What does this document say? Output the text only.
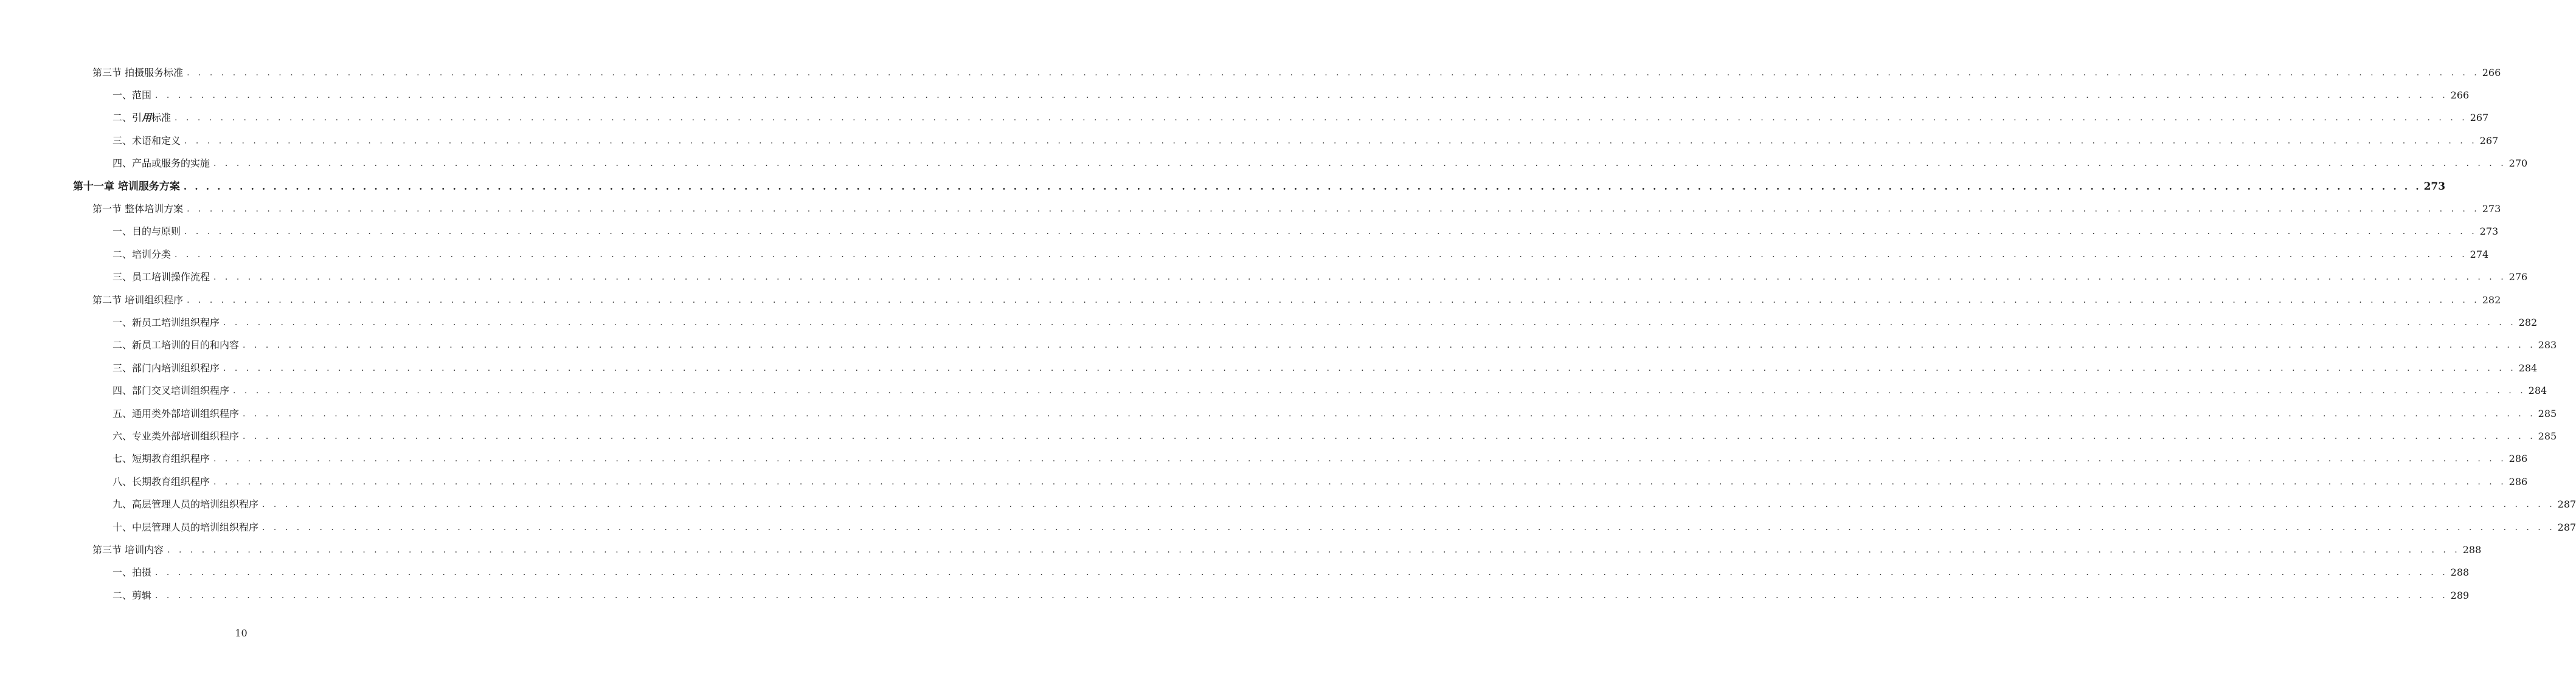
第三节 拍摄服务标准 . . . . . . . . . . . . . . . . . . . . . . . . . . . . . . . . . . . . . . . . . . . . . . . . . . . . . . . . . . . . . . . . . . . . . . . . . . . . . . . . . . . . . . . . . . . . . . . . . . . . . . . . . . . . . . . . . . . . . . . . . . . . . . . . . . . . . . . . . . . . . . . . . . . . . . . . . . . . . . . . . . . . . . . . . . . . . . . . . . . . . . . . . . . . . . . . . . . . . . . . 266
一、范围 . . . . . . . . . . . . . . . . . . . . . . . . . . . . . . . . . . . . . . . . . . . . . . . . . . . . . . . . . . . . . . . . . . . . . . . . . . . . . . . . . . . . . . . . . . . . . . . . . . . . . . . . . . . . . . . . . . . . . . . . . . . . . . . . . . . . . . . . . . . . . . . . . . . . . . . . . . . . . . . . . . . . . . . . . . . . . . . . . . . . . . . . . . . . . . . . . . . . . . . . 266
二、引用标准 . . . . . . . . . . . . . . . . . . . . . . . . . . . . . . . . . . . . . . . . . . . . . . . . . . . . . . . . . . . . . . . . . . . . . . . . . . . . . . . . . . . . . . . . . . . . . . . . . . . . . . . . . . . . . . . . . . . . . . . . . . . . . . . . . . . . . . . . . . . . . . . . . . . . . . . . . . . . . . . . . . . . . . . . . . . . . . . . . . . . . . . . . . . . . . . . . . . . . . . . 267
三、术语和定义 . . . . . . . . . . . . . . . . . . . . . . . . . . . . . . . . . . . . . . . . . . . . . . . . . . . . . . . . . . . . . . . . . . . . . . . . . . . . . . . . . . . . . . . . . . . . . . . . . . . . . . . . . . . . . . . . . . . . . . . . . . . . . . . . . . . . . . . . . . . . . . . . . . . . . . . . . . . . . . . . . . . . . . . . . . . . . . . . . . . . . . . . . . . . . . . . . . . . . . . . 267
四、产品或服务的实施 . . . . . . . . . . . . . . . . . . . . . . . . . . . . . . . . . . . . . . . . . . . . . . . . . . . . . . . . . . . . . . . . . . . . . . . . . . . . . . . . . . . . . . . . . . . . . . . . . . . . . . . . . . . . . . . . . . . . . . . . . . . . . . . . . . . . . . . . . . . . . . . . . . . . . . . . . . . . . . . . . . . . . . . . . . . . . . . . . . . . . . . . . . . . . . . . . . . . . . . . 270
第十一章 培训服务方案 . . . . . . . . . . . . . . . . . . . . . . . . . . . . . . . . . . . . . . . . . . . . . . . . . . . . . . . . . . . . . . . . . . . . . . . . . . . . . . . . . . . . . . . . . . . . . . . . . . . . . . . . . . . . . . . . . . . . . . . . . . . . . . . . . . . . . . . . . . . . . . . . . . . . . . . . . . . . . . . . . . . . . . . . . . . . . . . . . . . . . . . . . . . . . . . . . . . . . . . . 273
第一节 整体培训方案 . . . . . . . . . . . . . . . . . . . . . . . . . . . . . . . . . . . . . . . . . . . . . . . . . . . . . . . . . . . . . . . . . . . . . . . . . . . . . . . . . . . . . . . . . . . . . . . . . . . . . . . . . . . . . . . . . . . . . . . . . . . . . . . . . . . . . . . . . . . . . . . . . . . . . . . . . . . . . . . . . . . . . . . . . . . . . . . . . . . . . . . . . . . . . . . . . . . . . . . . 273
一、目的与原则 . . . . . . . . . . . . . . . . . . . . . . . . . . . . . . . . . . . . . . . . . . . . . . . . . . . . . . . . . . . . . . . . . . . . . . . . . . . . . . . . . . . . . . . . . . . . . . . . . . . . . . . . . . . . . . . . . . . . . . . . . . . . . . . . . . . . . . . . . . . . . . . . . . . . . . . . . . . . . . . . . . . . . . . . . . . . . . . . . . . . . . . . . . . . . . . . . . . . . . . . 273
二、培训分类 . . . . . . . . . . . . . . . . . . . . . . . . . . . . . . . . . . . . . . . . . . . . . . . . . . . . . . . . . . . . . . . . . . . . . . . . . . . . . . . . . . . . . . . . . . . . . . . . . . . . . . . . . . . . . . . . . . . . . . . . . . . . . . . . . . . . . . . . . . . . . . . . . . . . . . . . . . . . . . . . . . . . . . . . . . . . . . . . . . . . . . . . . . . . . . . . . . . . . . . . 274
三、员工培训操作流程 . . . . . . . . . . . . . . . . . . . . . . . . . . . . . . . . . . . . . . . . . . . . . . . . . . . . . . . . . . . . . . . . . . . . . . . . . . . . . . . . . . . . . . . . . . . . . . . . . . . . . . . . . . . . . . . . . . . . . . . . . . . . . . . . . . . . . . . . . . . . . . . . . . . . . . . . . . . . . . . . . . . . . . . . . . . . . . . . . . . . . . . . . . . . . . . . . . . . . . . . 276
第二节 培训组织程序 . . . . . . . . . . . . . . . . . . . . . . . . . . . . . . . . . . . . . . . . . . . . . . . . . . . . . . . . . . . . . . . . . . . . . . . . . . . . . . . . . . . . . . . . . . . . . . . . . . . . . . . . . . . . . . . . . . . . . . . . . . . . . . . . . . . . . . . . . . . . . . . . . . . . . . . . . . . . . . . . . . . . . . . . . . . . . . . . . . . . . . . . . . . . . . . . . . . . . . . . 282
一、新员工培训组织程序 . . . . . . . . . . . . . . . . . . . . . . . . . . . . . . . . . . . . . . . . . . . . . . . . . . . . . . . . . . . . . . . . . . . . . . . . . . . . . . . . . . . . . . . . . . . . . . . . . . . . . . . . . . . . . . . . . . . . . . . . . . . . . . . . . . . . . . . . . . . . . . . . . . . . . . . . . . . . . . . . . . . . . . . . . . . . . . . . . . . . . . . . . . . . . . . . . . . . . . . . 282
二、新员工培训的目的和内容 . . . . . . . . . . . . . . . . . . . . . . . . . . . . . . . . . . . . . . . . . . . . . . . . . . . . . . . . . . . . . . . . . . . . . . . . . . . . . . . . . . . . . . . . . . . . . . . . . . . . . . . . . . . . . . . . . . . . . . . . . . . . . . . . . . . . . . . . . . . . . . . . . . . . . . . . . . . . . . . . . . . . . . . . . . . . . . . . . . . . . . . . . . . . . . . . . . . . . . . . 283
三、部门内培训组织程序 . . . . . . . . . . . . . . . . . . . . . . . . . . . . . . . . . . . . . . . . . . . . . . . . . . . . . . . . . . . . . . . . . . . . . . . . . . . . . . . . . . . . . . . . . . . . . . . . . . . . . . . . . . . . . . . . . . . . . . . . . . . . . . . . . . . . . . . . . . . . . . . . . . . . . . . . . . . . . . . . . . . . . . . . . . . . . . . . . . . . . . . . . . . . . . . . . . . . . . . . 284
四、部门交叉培训组织程序 . . . . . . . . . . . . . . . . . . . . . . . . . . . . . . . . . . . . . . . . . . . . . . . . . . . . . . . . . . . . . . . . . . . . . . . . . . . . . . . . . . . . . . . . . . . . . . . . . . . . . . . . . . . . . . . . . . . . . . . . . . . . . . . . . . . . . . . . . . . . . . . . . . . . . . . . . . . . . . . . . . . . . . . . . . . . . . . . . . . . . . . . . . . . . . . . . . . . . . . . 284
五、通用类外部培训组织程序 . . . . . . . . . . . . . . . . . . . . . . . . . . . . . . . . . . . . . . . . . . . . . . . . . . . . . . . . . . . . . . . . . . . . . . . . . . . . . . . . . . . . . . . . . . . . . . . . . . . . . . . . . . . . . . . . . . . . . . . . . . . . . . . . . . . . . . . . . . . . . . . . . . . . . . . . . . . . . . . . . . . . . . . . . . . . . . . . . . . . . . . . . . . . . . . . . . . . . . . . 285
六、专业类外部培训组织程序 . . . . . . . . . . . . . . . . . . . . . . . . . . . . . . . . . . . . . . . . . . . . . . . . . . . . . . . . . . . . . . . . . . . . . . . . . . . . . . . . . . . . . . . . . . . . . . . . . . . . . . . . . . . . . . . . . . . . . . . . . . . . . . . . . . . . . . . . . . . . . . . . . . . . . . . . . . . . . . . . . . . . . . . . . . . . . . . . . . . . . . . . . . . . . . . . . . . . . . . . 285
七、短期教育组织程序 . . . . . . . . . . . . . . . . . . . . . . . . . . . . . . . . . . . . . . . . . . . . . . . . . . . . . . . . . . . . . . . . . . . . . . . . . . . . . . . . . . . . . . . . . . . . . . . . . . . . . . . . . . . . . . . . . . . . . . . . . . . . . . . . . . . . . . . . . . . . . . . . . . . . . . . . . . . . . . . . . . . . . . . . . . . . . . . . . . . . . . . . . . . . . . . . . . . . . . . . 286
八、长期教育组织程序 . . . . . . . . . . . . . . . . . . . . . . . . . . . . . . . . . . . . . . . . . . . . . . . . . . . . . . . . . . . . . . . . . . . . . . . . . . . . . . . . . . . . . . . . . . . . . . . . . . . . . . . . . . . . . . . . . . . . . . . . . . . . . . . . . . . . . . . . . . . . . . . . . . . . . . . . . . . . . . . . . . . . . . . . . . . . . . . . . . . . . . . . . . . . . . . . . . . . . . . . 286
九、高层管理人员的培训组织程序 . . . . . . . . . . . . . . . . . . . . . . . . . . . . . . . . . . . . . . . . . . . . . . . . . . . . . . . . . . . . . . . . . . . . . . . . . . . . . . . . . . . . . . . . . . . . . . . . . . . . . . . . . . . . . . . . . . . . . . . . . . . . . . . . . . . . . . . . . . . . . . . . . . . . . . . . . . . . . . . . . . . . . . . . . . . . . . . . . . . . . . . . . . . . . . . . . . . . . . . . 287
十、中层管理人员的培训组织程序 . . . . . . . . . . . . . . . . . . . . . . . . . . . . . . . . . . . . . . . . . . . . . . . . . . . . . . . . . . . . . . . . . . . . . . . . . . . . . . . . . . . . . . . . . . . . . . . . . . . . . . . . . . . . . . . . . . . . . . . . . . . . . . . . . . . . . . . . . . . . . . . . . . . . . . . . . . . . . . . . . . . . . . . . . . . . . . . . . . . . . . . . . . . . . . . . . . . . . . . . 287
第三节 培训内容 . . . . . . . . . . . . . . . . . . . . . . . . . . . . . . . . . . . . . . . . . . . . . . . . . . . . . . . . . . . . . . . . . . . . . . . . . . . . . . . . . . . . . . . . . . . . . . . . . . . . . . . . . . . . . . . . . . . . . . . . . . . . . . . . . . . . . . . . . . . . . . . . . . . . . . . . . . . . . . . . . . . . . . . . . . . . . . . . . . . . . . . . . . . . . . . . . . . . . . . . 288
一、拍摄 . . . . . . . . . . . . . . . . . . . . . . . . . . . . . . . . . . . . . . . . . . . . . . . . . . . . . . . . . . . . . . . . . . . . . . . . . . . . . . . . . . . . . . . . . . . . . . . . . . . . . . . . . . . . . . . . . . . . . . . . . . . . . . . . . . . . . . . . . . . . . . . . . . . . . . . . . . . . . . . . . . . . . . . . . . . . . . . . . . . . . . . . . . . . . . . . . . . . . . . . 288
二、剪辑 . . . . . . . . . . . . . . . . . . . . . . . . . . . . . . . . . . . . . . . . . . . . . . . . . . . . . . . . . . . . . . . . . . . . . . . . . . . . . . . . . . . . . . . . . . . . . . . . . . . . . . . . . . . . . . . . . . . . . . . . . . . . . . . . . . . . . . . . . . . . . . . . . . . . . . . . . . . . . . . . . . . . . . . . . . . . . . . . . . . . . . . . . . . . . . . . . . . . . . . . 289
10
